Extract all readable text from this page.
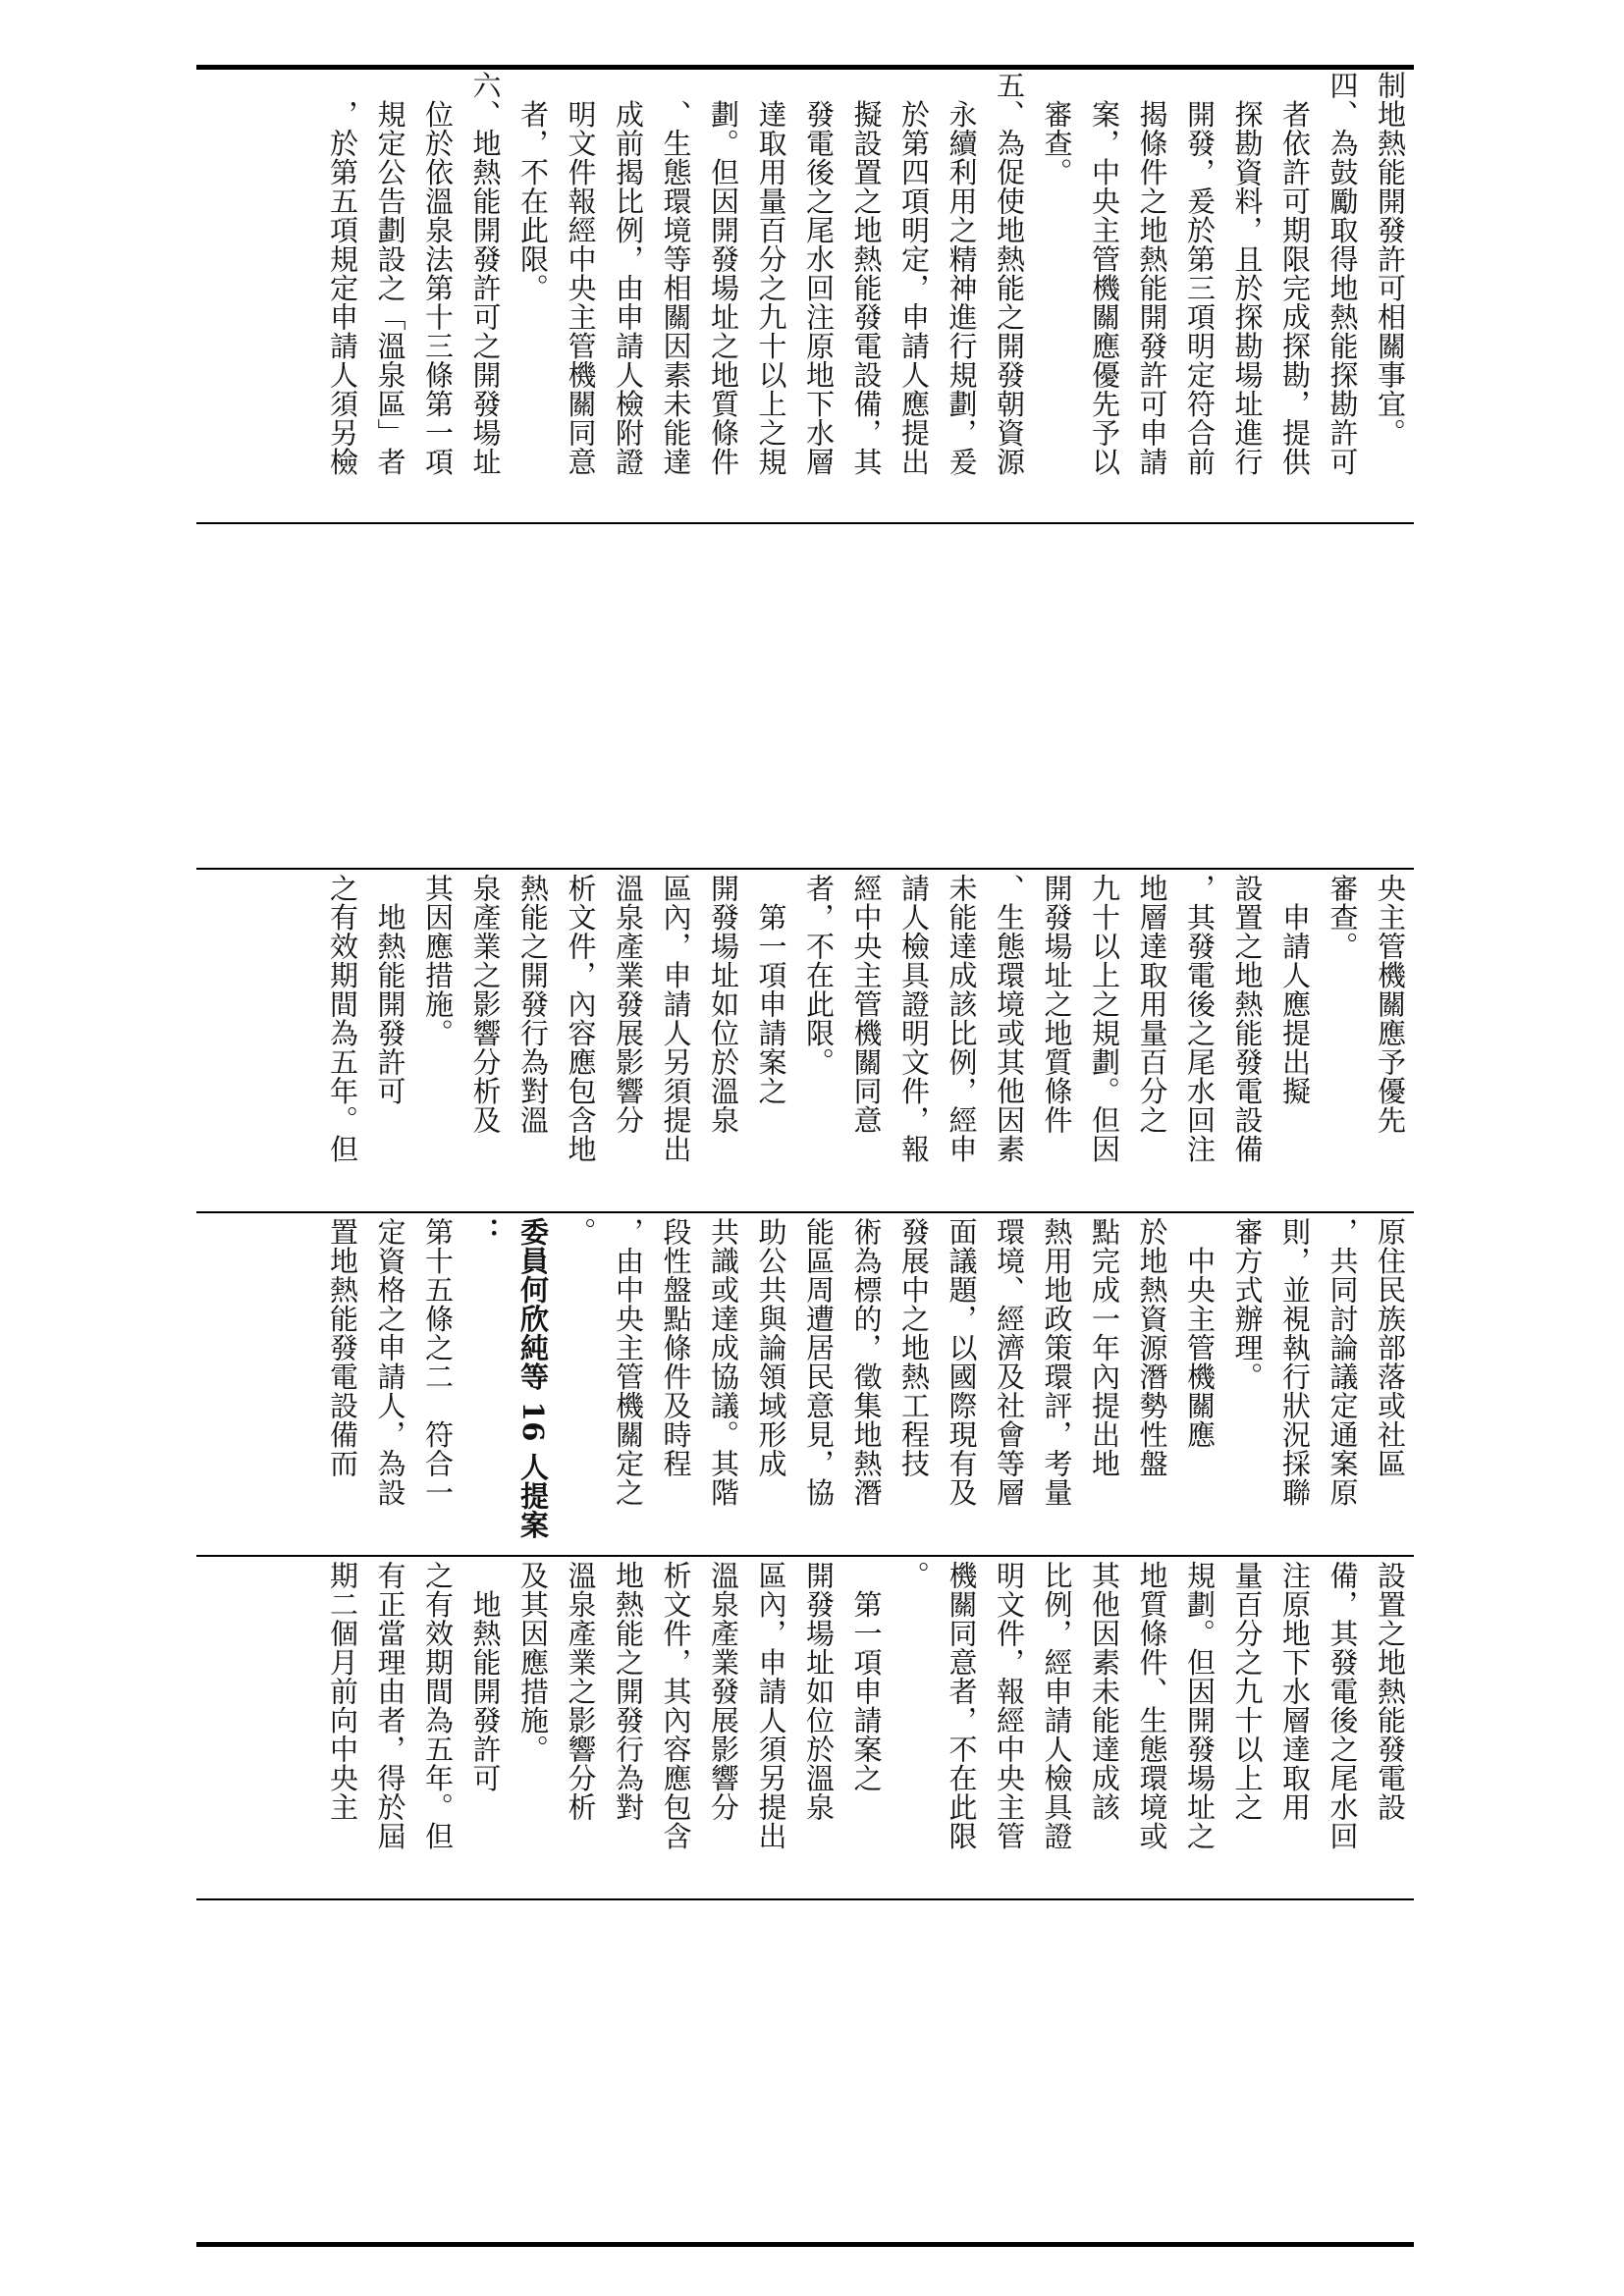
制地熱能開發許可相關事宜。
四、為鼓勵取得地熱能探勘許可
　者依許可期限完成探勘，提供
　探勘資料，且於探勘場址進行
　開發，爰於第三項明定符合前
　揭條件之地熱能開發許可申請
　案，中央主管機關應優先予以
　審查。
五、為促使地熱能之開發朝資源
　永續利用之精神進行規劃，爰
　於第四項明定，申請人應提出
　擬設置之地熱能發電設備，其
　發電後之尾水回注原地下水層
　達取用量百分之九十以上之規
　劃。但因開發場址之地質條件
　、生態環境等相關因素未能達
　成前揭比例，由申請人檢附證
　明文件報經中央主管機關同意
　者，不在此限。
六、地熱能開發許可之開發場址
　位於依溫泉法第十三條第一項
　規定公告劃設之「溫泉區」者
　，於第五項規定申請人須另檢

央主管機關應予優先
審查。
　申請人應提出擬
設置之地熱能發電設備
，其發電後之尾水回注
地層達取用量百分之
九十以上之規劃。但因
開發場址之地質條件
、生態環境或其他因素
未能達成該比例，經申
請人檢具證明文件，報
經中央主管機關同意
者，不在此限。
　第一項申請案之
開發場址如位於溫泉
區內，申請人另須提出
溫泉產業發展影響分
析文件，內容應包含地
熱能之開發行為對溫
泉產業之影響分析及
其因應措施。
　地熱能開發許可
之有效期間為五年。但

原住民族部落或社區
，共同討論議定通案原
則，並視執行狀況採聯
審方式辦理。
　中央主管機關應
於地熱資源潛勢性盤
點完成一年內提出地
熱用地政策環評，考量
環境、經濟及社會等層
面議題，以國際現有及
發展中之地熱工程技
術為標的，徵集地熱潛
能區周遭居民意見，協
助公共與論領域形成
共識或達成協議。其階
段性盤點條件及時程
，由中央主管機關定之
。
委員何欣純等 16 人提案
：
第十五條之二　符合一
定資格之申請人，為設
置地熱能發電設備而

設置之地熱能發電設
備，其發電後之尾水回
注原地下水層達取用
量百分之九十以上之
規劃。但因開發場址之
地質條件、生態環境或
其他因素未能達成該
比例，經申請人檢具證
明文件，報經中央主管
機關同意者，不在此限
。
　第一項申請案之
開發場址如位於溫泉
區內，申請人須另提出
溫泉產業發展影響分
析文件，其內容應包含
地熱能之開發行為對
溫泉產業之影響分析
及其因應措施。
　地熱能開發許可
之有效期間為五年。但
有正當理由者，得於屆
期二個月前向中央主
